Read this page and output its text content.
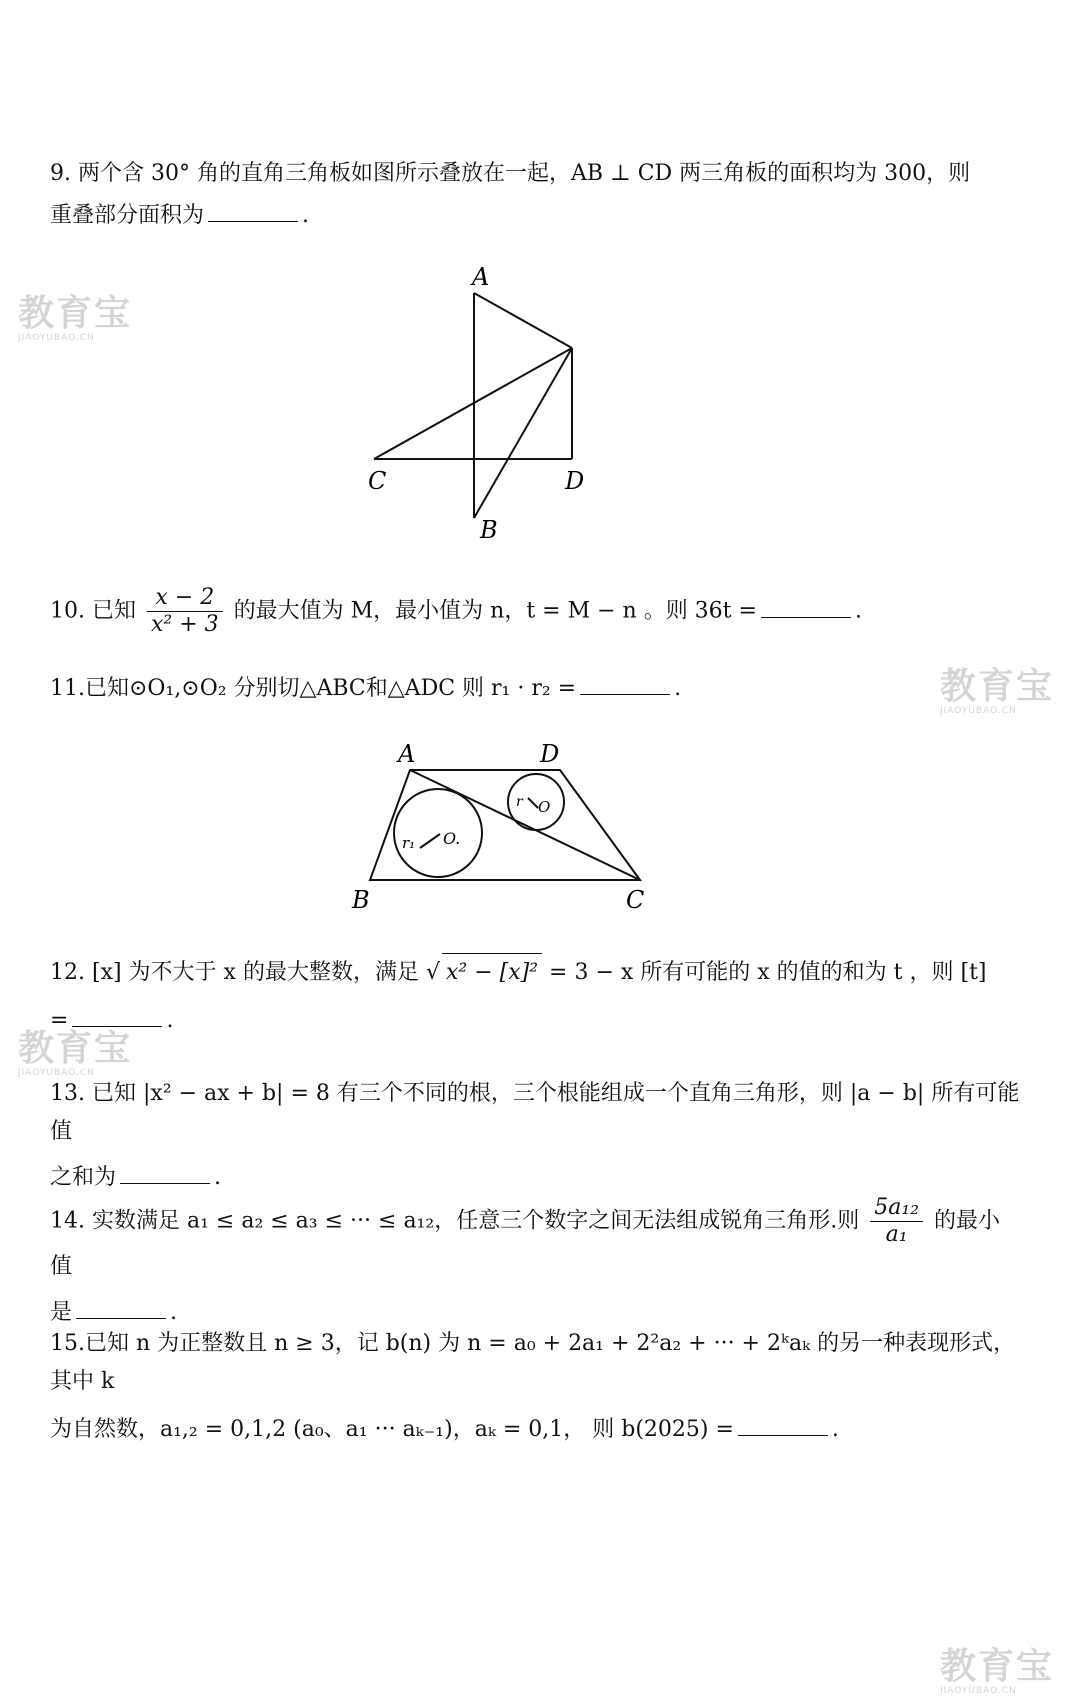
9. 两个含 30° 角的直角三角板如图所示叠放在一起，AB ⊥ CD 两三角板的面积均为 300，则
重叠部分面积为	.
A
C	D
B
10. 已知 $\frac{x - 2}{\text{x² + 3}}$ 的最大值为 M，最小值为 n，t = M − n 。则 36t =	.
11.已知⊙O₁,⊙O₂ 分别切△ABC和△ADC 则 r₁ · r₂ =	.
A	D
B	C
r₁ O.
r O
12. [x] 为不大于 x 的最大整数，满足 √ x² − [x]² = 3 − x 所有可能的 x 的值的和为 t ，则 [t]
=	.
13. 已知 |x² − ax + b| = 8 有三个不同的根，三个根能组成一个直角三角形，则 |a − b| 所有可能值
之和为	.
14. 实数满足 a₁ ≤ a₂ ≤ a₃ ≤ ··· ≤ a₁₂，任意三个数字之间无法组成锐角三角形.则 $\frac{\text{5a₁₂}}{\text{a₁}}$ 的最小值
是	.
15.已知 n 为正整数且 n ≥ 3，记 b(n) 为 n = a₀ + 2a₁ + 2²a₂ + ··· + 2ᵏaₖ 的另一种表现形式，其中 k
为自然数，a₁,₂ = 0,1,2 (a₀、a₁ ··· aₖ₋₁)，aₖ = 0,1， 则 b(2025) =	.
教育宝
JIAOYUBAO.CN
教育宝
JIAOYUBAO.CN
教育宝
JIAOYUBAO.CN
教育宝
JIAOYUBAO.CN
